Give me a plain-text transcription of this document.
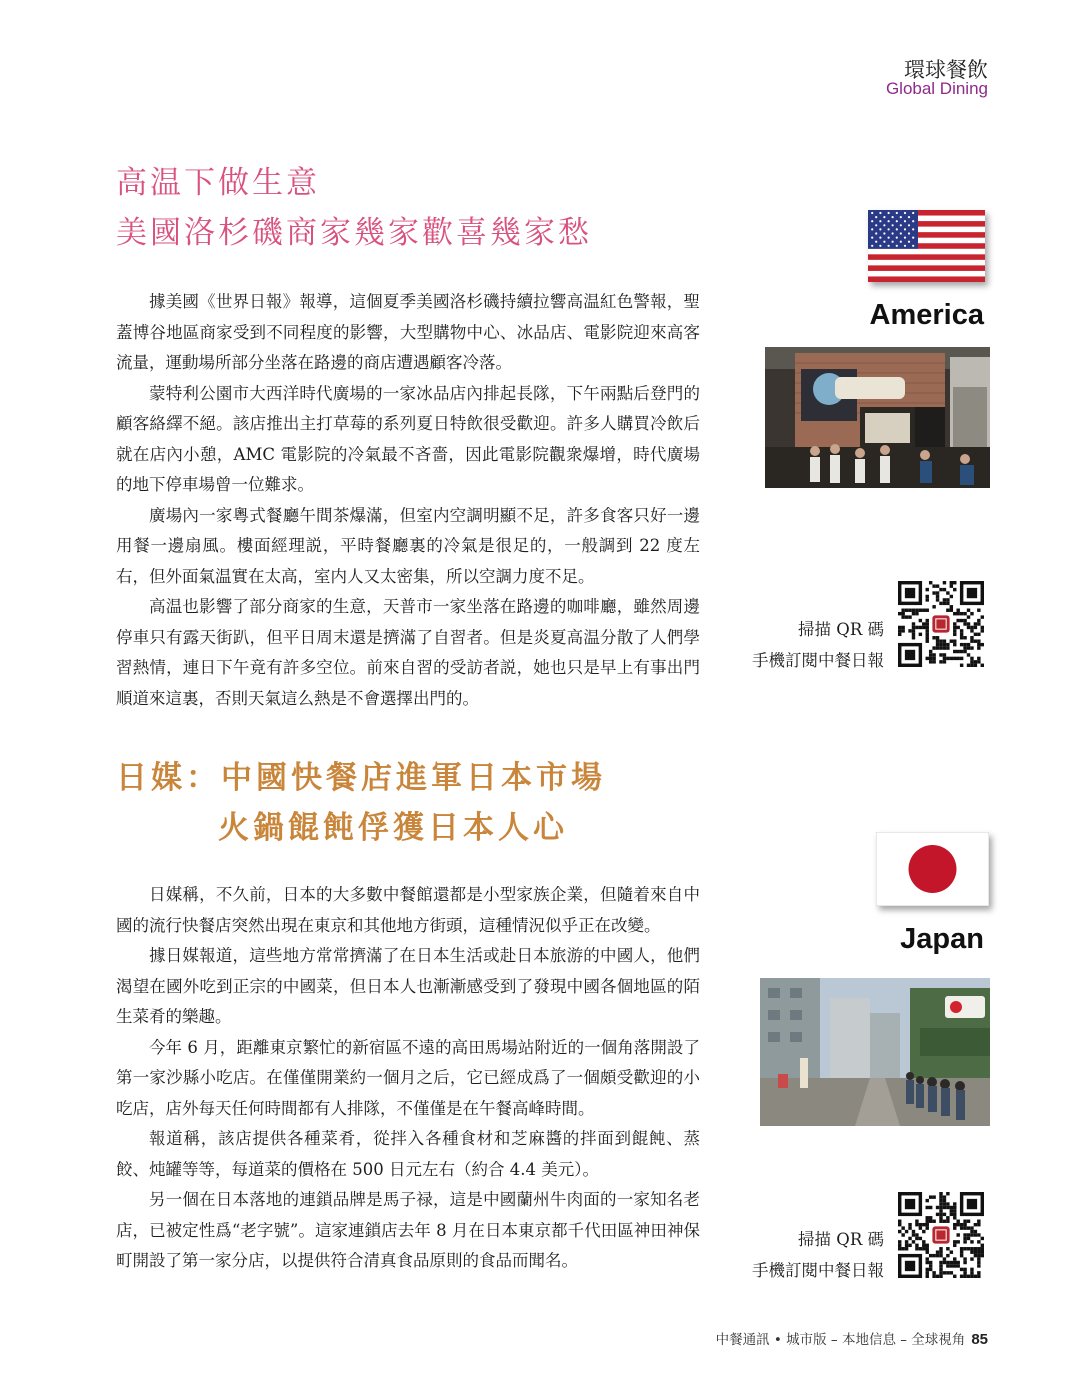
環球餐飲
Global Dining
高温下做生意
美國洛杉磯商家幾家歡喜幾家愁

據美國《世界日報》報導，這個夏季美國洛杉磯持續拉響高温紅色警報，聖蓋博谷地區商家受到不同程度的影響，大型購物中心、冰品店、電影院迎來高客流量，運動場所部分坐落在路邊的商店遭遇顧客冷落。

蒙特利公園市大西洋時代廣場的一家冰品店內排起長隊，下午兩點后登門的顧客絡繹不絕。該店推出主打草莓的系列夏日特飲很受歡迎。許多人購買冷飲后就在店內小憩，AMC 電影院的冷氣最不吝嗇，因此電影院觀衆爆增，時代廣場的地下停車場曾一位難求。

廣場內一家粵式餐廳午間茶爆滿，但室内空調明顯不足，許多食客只好一邊用餐一邊扇風。樓面經理説，平時餐廳裏的冷氣是很足的，一般調到 22 度左右，但外面氣温實在太高，室内人又太密集，所以空調力度不足。

高温也影響了部分商家的生意，天普市一家坐落在路邊的咖啡廳，雖然周邊停車只有露天街趴，但平日周末還是擠滿了自習者。但是炎夏高温分散了人們學習熱情，連日下午竟有許多空位。前來自習的受訪者説，她也只是早上有事出門順道來這裏，否則天氣這么熱是不會選擇出門的。

America
掃描 QR 碼
手機訂閱中餐日報
日媒：中國快餐店進軍日本市場
火鍋餛飩俘獲日本人心

日媒稱，不久前，日本的大多數中餐館還都是小型家族企業，但隨着來自中國的流行快餐店突然出現在東京和其他地方街頭，這種情況似乎正在改變。

據日媒報道，這些地方常常擠滿了在日本生活或赴日本旅游的中國人，他們渴望在國外吃到正宗的中國菜，但日本人也漸漸感受到了發現中國各個地區的陌生菜肴的樂趣。

今年 6 月，距離東京繁忙的新宿區不遠的高田馬場站附近的一個角落開設了第一家沙縣小吃店。在僅僅開業約一個月之后，它已經成爲了一個頗受歡迎的小吃店，店外每天任何時間都有人排隊，不僅僅是在午餐高峰時間。

報道稱，該店提供各種菜肴，從拌入各種食材和芝麻醬的拌面到餛飩、蒸餃、炖罐等等，每道菜的價格在 500 日元左右（約合 4.4 美元）。

另一個在日本落地的連鎖品牌是馬子禄，這是中國蘭州牛肉面的一家知名老店，已被定性爲“老字號”。這家連鎖店去年 8 月在日本東京都千代田區神田神保町開設了第一家分店，以提供符合清真食品原則的食品而聞名。

Japan
掃描 QR 碼
手機訂閱中餐日報
中餐通訊 • 城市版 – 本地信息 – 全球視角 85
